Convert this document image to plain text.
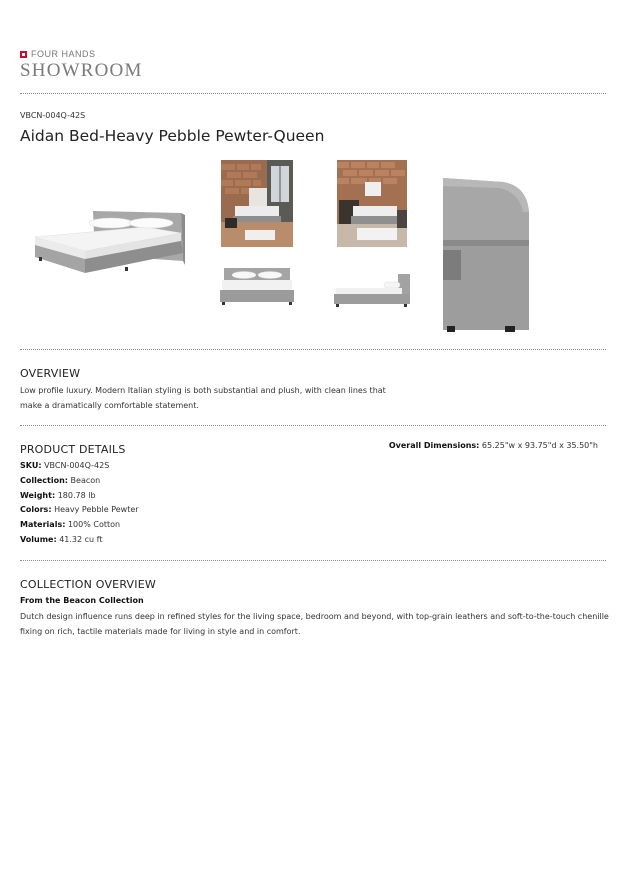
FOUR HANDS
SHOWROOM
VBCN-004Q-42S
Aidan Bed-Heavy Pebble Pewter-Queen
OVERVIEW
Low profile luxury. Modern Italian styling is both substantial and plush, with clean lines that
make a dramatically comfortable statement.
PRODUCT DETAILS
SKU: VBCN-004Q-42S
Collection: Beacon
Weight: 180.78 lb
Colors: Heavy Pebble Pewter
Materials: 100% Cotton
Volume: 41.32 cu ft
Overall Dimensions: 65.25"w x 93.75"d x 35.50"h
COLLECTION OVERVIEW
From the Beacon Collection
Dutch design influence runs deep in refined styles for the living space, bedroom and beyond, with top-grain leathers and soft-to-the-touch chenille
fixing on rich, tactile materials made for living in style and in comfort.
